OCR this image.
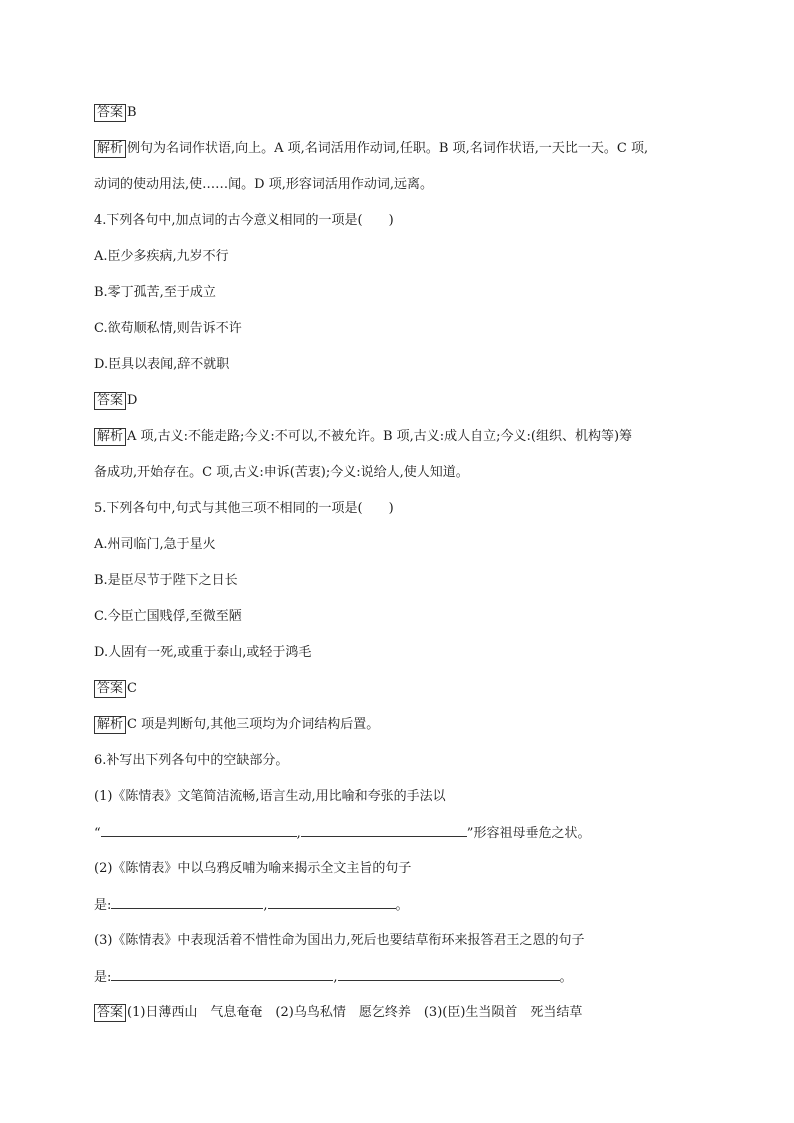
答案 B
解析 例句为名词作状语,向上。A 项,名词活用作动词,任职。B 项,名词作状语,一天比一天。C 项,
动词的使动用法,使……闻。D 项,形容词活用作动词,远离。
4.下列各句中,加点词的古今意义相同的一项是(　　)
A.臣少多疾病,九岁不行
B.零丁孤苦,至于成立
C.欲苟顺私情,则告诉不许
D.臣具以表闻,辞不就职
答案 D
解析 A 项,古义:不能走路;今义:不可以,不被允许。B 项,古义:成人自立;今义:(组织、机构等)筹
备成功,开始存在。C 项,古义:申诉(苦衷);今义:说给人,使人知道。
5.下列各句中,句式与其他三项不相同的一项是(　　)
A.州司临门,急于星火
B.是臣尽节于陛下之日长
C.今臣亡国贱俘,至微至陋
D.人固有一死,或重于泰山,或轻于鸿毛
答案 C
解析 C 项是判断句,其他三项均为介词结构后置。
6.补写出下列各句中的空缺部分。
(1)《陈情表》文笔简洁流畅,语言生动,用比喻和夸张的手法以
“	,	”形容祖母垂危之状。
(2)《陈情表》中以乌鸦反哺为喻来揭示全文主旨的句子
是:	,	。
(3)《陈情表》中表现活着不惜性命为国出力,死后也要结草衔环来报答君王之恩的句子
是:	,	。
答案 (1)日薄西山　气息奄奄　(2)乌鸟私情　愿乞终养　(3)(臣)生当陨首　死当结草
